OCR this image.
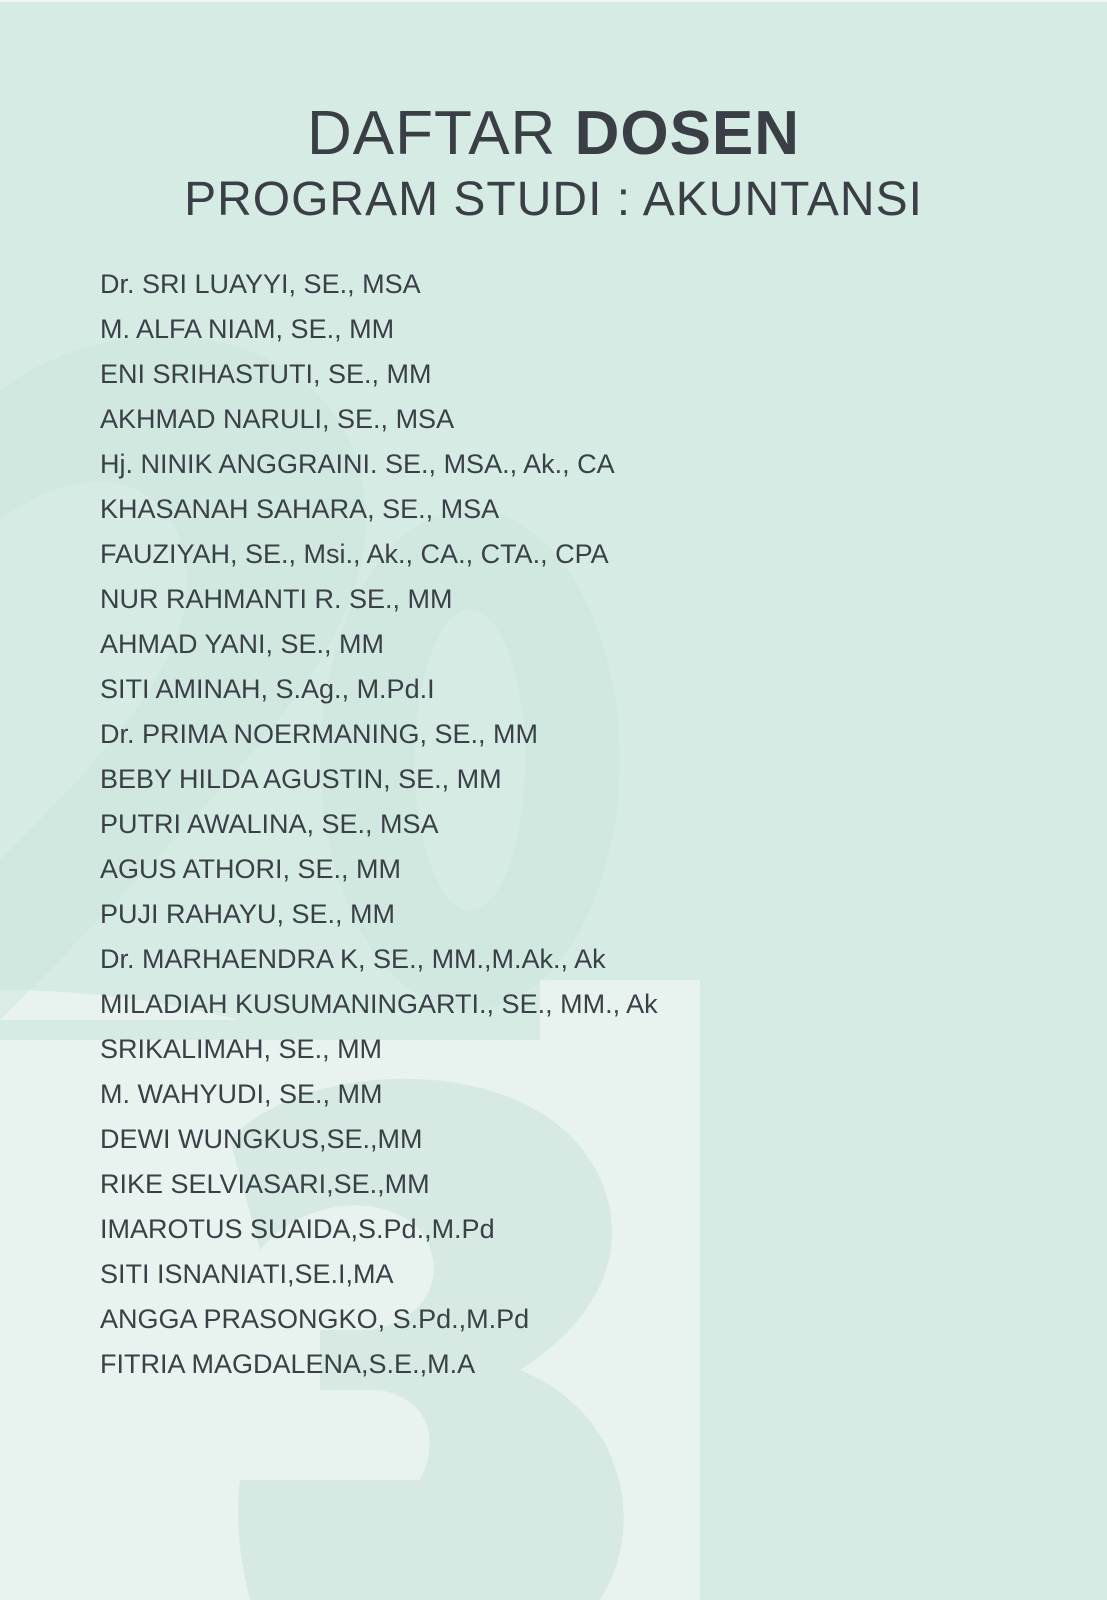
DAFTAR DOSEN
PROGRAM STUDI : AKUNTANSI
Dr. SRI LUAYYI, SE., MSA
M. ALFA NIAM, SE., MM
ENI SRIHASTUTI, SE., MM
AKHMAD NARULI, SE., MSA
Hj. NINIK ANGGRAINI. SE., MSA., Ak., CA
KHASANAH SAHARA, SE., MSA
FAUZIYAH, SE., Msi., Ak., CA., CTA., CPA
NUR RAHMANTI R. SE., MM
AHMAD YANI, SE., MM
SITI AMINAH, S.Ag., M.Pd.I
Dr. PRIMA NOERMANING, SE., MM
BEBY HILDA AGUSTIN, SE., MM
PUTRI AWALINA, SE., MSA
AGUS ATHORI, SE., MM
PUJI RAHAYU, SE., MM
Dr. MARHAENDRA K, SE., MM.,M.Ak., Ak
MILADIAH KUSUMANINGARTI., SE., MM., Ak
SRIKALIMAH, SE., MM
M. WAHYUDI, SE., MM
DEWI WUNGKUS,SE.,MM
RIKE SELVIASARI,SE.,MM
IMAROTUS SUAIDA,S.Pd.,M.Pd
SITI ISNANIATI,SE.I,MA
ANGGA PRASONGKO, S.Pd.,M.Pd
FITRIA MAGDALENA,S.E.,M.A
